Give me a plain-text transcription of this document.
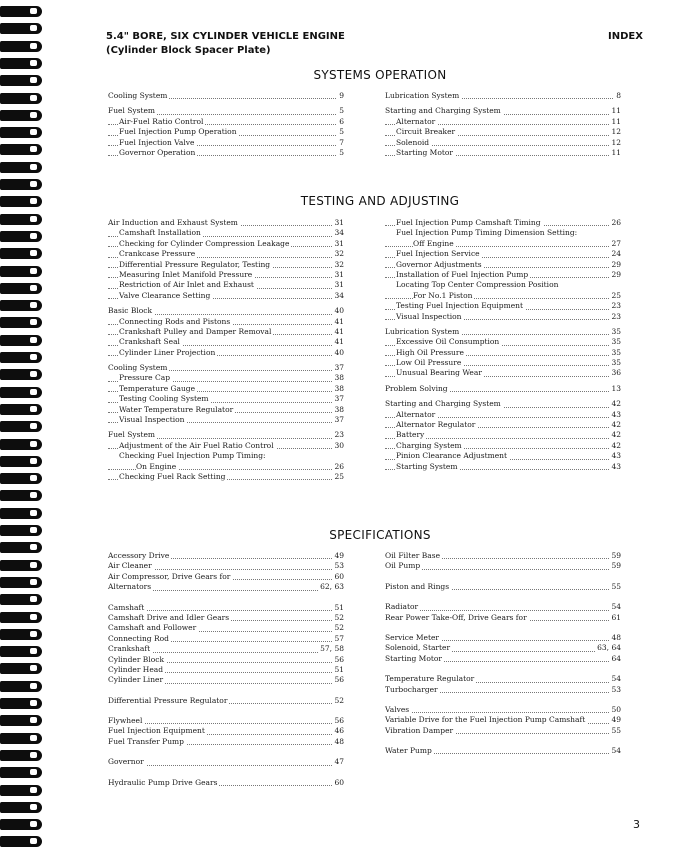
5.4" BORE, SIX CYLINDER VEHICLE ENGINE
(Cylinder Block Spacer Plate)
INDEX
SYSTEMS OPERATION
Cooling System	9
Fuel System	5
Air-Fuel Ratio Control	6
Fuel Injection Pump Operation	5
Fuel Injection Valve	7
Governor Operation	5
Lubrication System	8
Starting and Charging System	11
Alternator	11
Circuit Breaker	12
Solenoid	12
Starting Motor	11
TESTING AND ADJUSTING
Air Induction and Exhaust System	31
Camshaft Installation	34
Checking for Cylinder Compression Leakage	31
Crankcase Pressure	32
Differential Pressure Regulator, Testing	32
Measuring Inlet Manifold Pressure	31
Restriction of Air Inlet and Exhaust	31
Valve Clearance Setting	34
Basic Block	40
Connecting Rods and Pistons	41
Crankshaft Pulley and Damper Removal	41
Crankshaft Seal	41
Cylinder Liner Projection	40
Cooling System	37
Pressure Cap	38
Temperature Gauge	38
Testing Cooling System	37
Water Temperature Regulator	38
Visual Inspection	37
Fuel System	23
Adjustment of the Air Fuel Ratio Control	30
Checking Fuel Injection Pump Timing:
On Engine	26
Checking Fuel Rack Setting	25
Fuel Injection Pump Camshaft Timing	26
Fuel Injection Pump Timing Dimension Setting:
Off Engine	27
Fuel Injection Service	24
Governor Adjustments	29
Installation of Fuel Injection Pump	29
Locating Top Center Compression Position
For No.1 Piston	25
Testing Fuel Injection Equipment	23
Visual Inspection	23
Lubrication System	35
Excessive Oil Consumption	35
High Oil Pressure	35
Low Oil Pressure	35
Unusual Bearing Wear	36
Problem Solving	13
Starting and Charging System	42
Alternator	43
Alternator Regulator	42
Battery	42
Charging System	42
Pinion Clearance Adjustment	43
Starting System	43
SPECIFICATIONS
Accessory Drive	49
Air Cleaner	53
Air Compressor, Drive Gears for	60
Alternators	62, 63
Camshaft	51
Camshaft Drive and Idler Gears	52
Camshaft and Follower	52
Connecting Rod	57
Crankshaft	57, 58
Cylinder Block	56
Cylinder Head	51
Cylinder Liner	56
Differential Pressure Regulator	52
Flywheel	56
Fuel Injection Equipment	46
Fuel Transfer Pump	48
Governor	47
Hydraulic Pump Drive Gears	60
Oil Filter Base	59
Oil Pump	59
Piston and Rings	55
Radiator	54
Rear Power Take-Off, Drive Gears for	61
Service Meter	48
Solenoid, Starter	63, 64
Starting Motor	64
Temperature Regulator	54
Turbocharger	53
Valves	50
Variable Drive for the Fuel Injection Pump Camshaft	49
Vibration Damper	55
Water Pump	54
3
